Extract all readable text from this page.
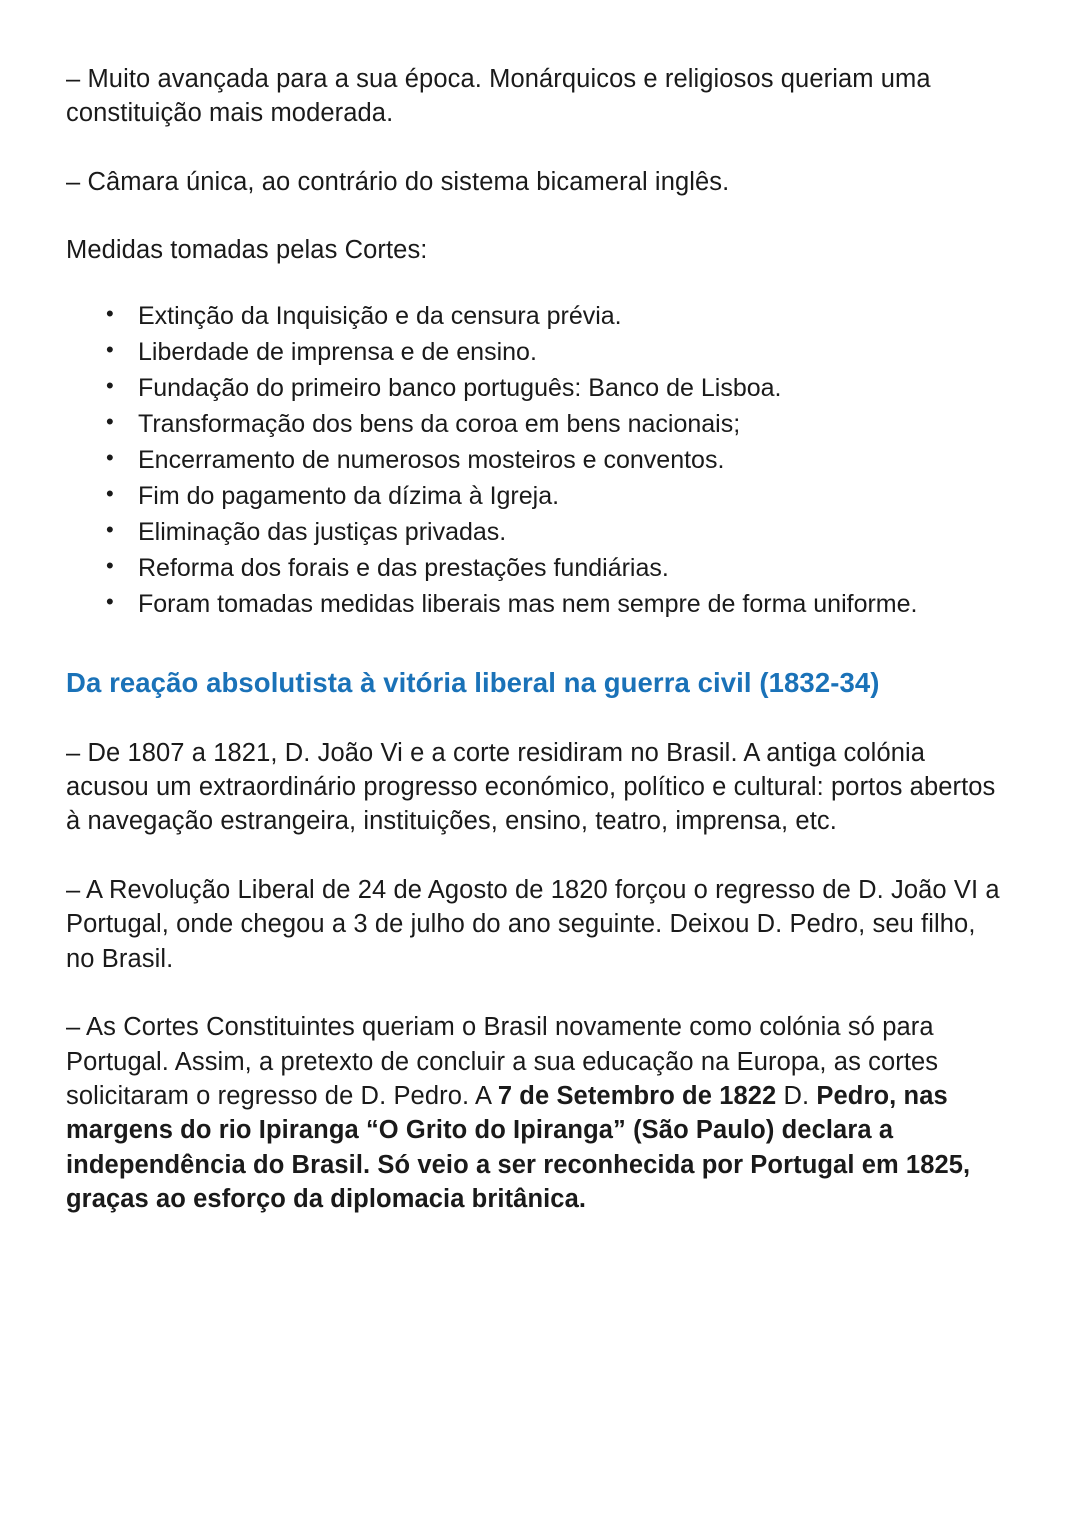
– Muito avançada para a sua época. Monárquicos e religiosos queriam uma constituição mais moderada.

– Câmara única, ao contrário do sistema bicameral inglês.

Medidas tomadas pelas Cortes:

• Extinção da Inquisição e da censura prévia.
• Liberdade de imprensa e de ensino.
• Fundação do primeiro banco português: Banco de Lisboa.
• Transformação dos bens da coroa em bens nacionais;
• Encerramento de numerosos mosteiros e conventos.
• Fim do pagamento da dízima à Igreja.
• Eliminação das justiças privadas.
• Reforma dos forais e das prestações fundiárias.
• Foram tomadas medidas liberais mas nem sempre de forma uniforme.
Da reação absolutista à vitória liberal na guerra civil (1832-34)

– De 1807 a 1821, D. João Vi e a corte residiram no Brasil. A antiga colónia acusou um extraordinário progresso económico, político e cultural: portos abertos à navegação estrangeira, instituições, ensino, teatro, imprensa, etc.

– A Revolução Liberal de 24 de Agosto de 1820 forçou o regresso de D. João VI a Portugal, onde chegou a 3 de julho do ano seguinte. Deixou D. Pedro, seu filho, no Brasil.

– As Cortes Constituintes queriam o Brasil novamente como colónia só para Portugal. Assim, a pretexto de concluir a sua educação na Europa, as cortes solicitaram o regresso de D. Pedro. A 7 de Setembro de 1822 D. Pedro, nas margens do rio Ipiranga “O Grito do Ipiranga” (São Paulo) declara a independência do Brasil. Só veio a ser reconhecida por Portugal em 1825, graças ao esforço da diplomacia britânica.
